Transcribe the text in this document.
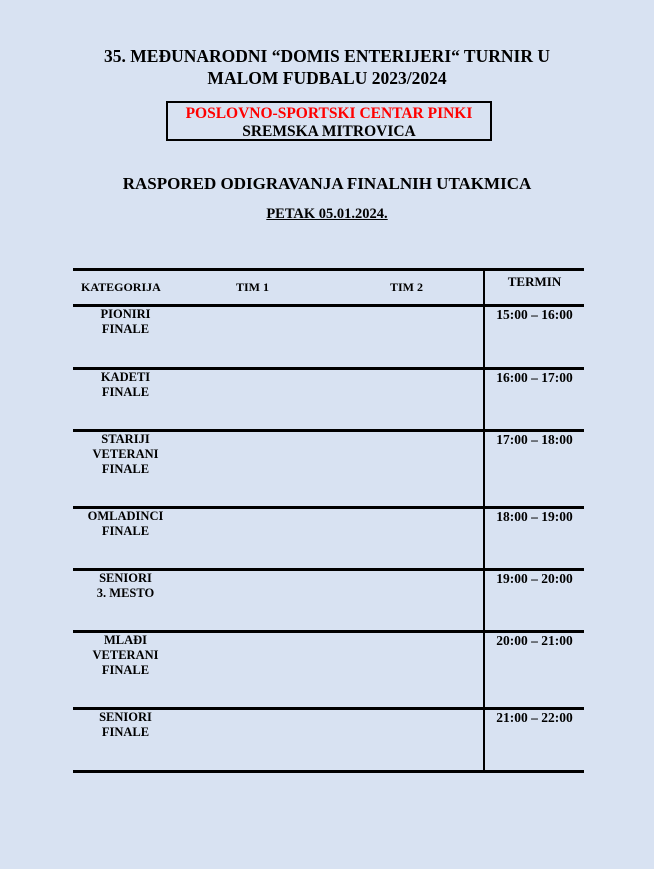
35. MEĐUNARODNI “DOMIS ENTERIJERI“ TURNIR U
MALOM FUDBALU 2023/2024
POSLOVNO-SPORTSKI CENTAR PINKI
SREMSKA MITROVICA
RASPORED ODIGRAVANJA FINALNIH UTAKMICA
PETAK 05.01.2024.
KATEGORIJA	TIM 1	TIM 2	TERMIN

PIONIRI
FINALE			15:00 – 16:00

KADETI
FINALE			16:00 – 17:00

STARIJI
VETERANI
FINALE			17:00 – 18:00

OMLADINCI
FINALE			18:00 – 19:00

SENIORI
3. MESTO			19:00 – 20:00

MLAĐI
VETERANI
FINALE			20:00 – 21:00

SENIORI
FINALE			21:00 – 22:00
